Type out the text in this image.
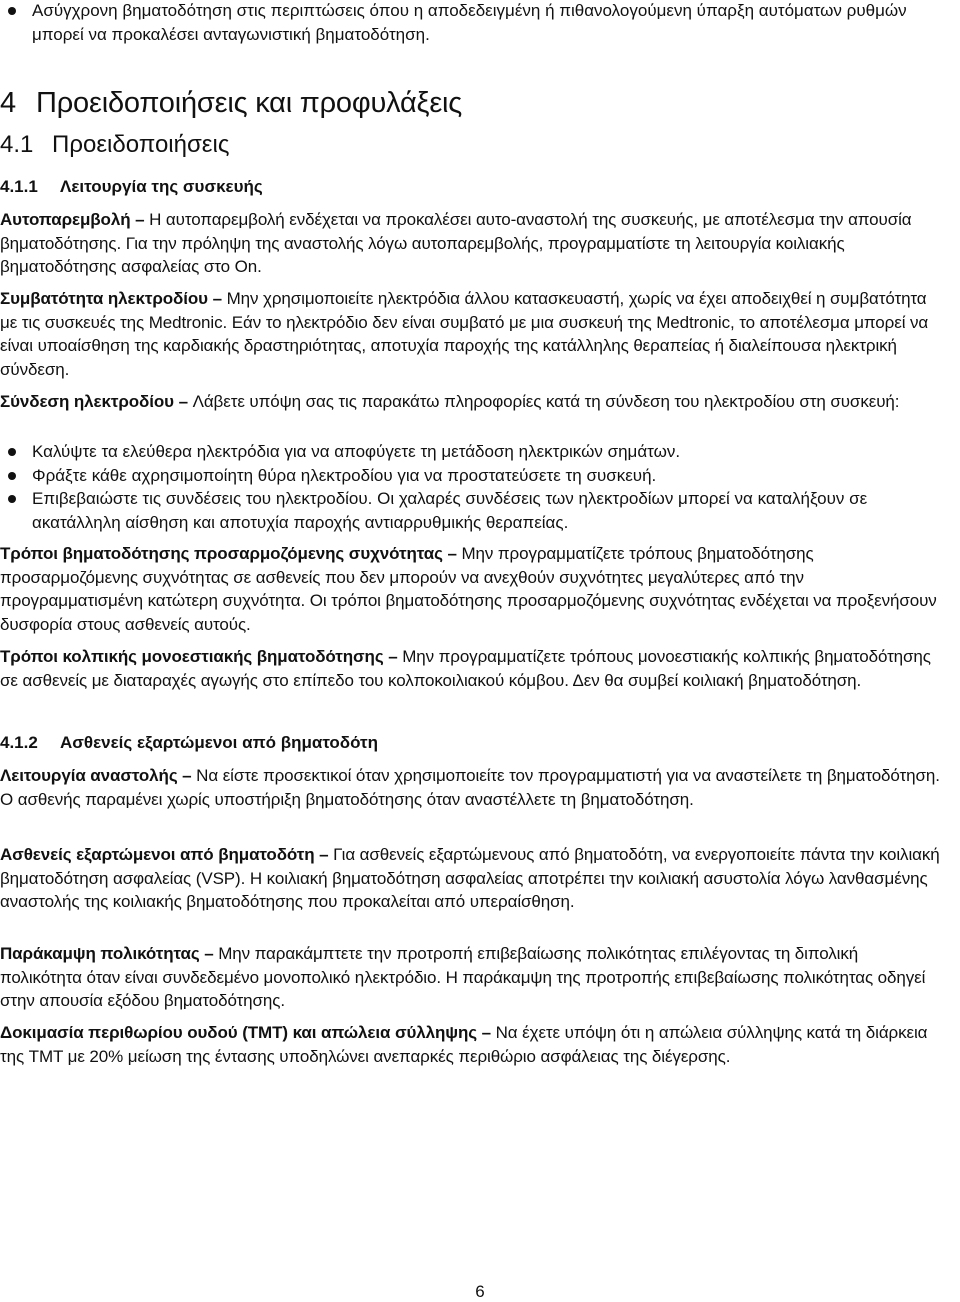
Ασύγχρονη βηματοδότηση στις περιπτώσεις όπου η αποδεδειγμένη ή πιθανολογούμενη ύπαρξη αυτόματων ρυθμών μπορεί να προκαλέσει ανταγωνιστική βηματοδότηση.
4 Προειδοποιήσεις και προφυλάξεις
4.1 Προειδοποιήσεις
4.1.1 Λειτουργία της συσκευής
Αυτοπαρεμβολή – Η αυτοπαρεμβολή ενδέχεται να προκαλέσει αυτο-αναστολή της συσκευής, με αποτέλεσμα την απουσία βηματοδότησης. Για την πρόληψη της αναστολής λόγω αυτοπαρεμβολής, προγραμματίστε τη λειτουργία κοιλιακής βηματοδότησης ασφαλείας στο On.
Συμβατότητα ηλεκτροδίου – Μην χρησιμοποιείτε ηλεκτρόδια άλλου κατασκευαστή, χωρίς να έχει αποδειχθεί η συμβατότητα με τις συσκευές της Medtronic. Εάν το ηλεκτρόδιο δεν είναι συμβατό με μια συσκευή της Medtronic, το αποτέλεσμα μπορεί να είναι υποαίσθηση της καρδιακής δραστηριότητας, αποτυχία παροχής της κατάλληλης θεραπείας ή διαλείπουσα ηλεκτρική σύνδεση.
Σύνδεση ηλεκτροδίου – Λάβετε υπόψη σας τις παρακάτω πληροφορίες κατά τη σύνδεση του ηλεκτροδίου στη συσκευή:
Καλύψτε τα ελεύθερα ηλεκτρόδια για να αποφύγετε τη μετάδοση ηλεκτρικών σημάτων.
Φράξτε κάθε αχρησιμοποίητη θύρα ηλεκτροδίου για να προστατεύσετε τη συσκευή.
Επιβεβαιώστε τις συνδέσεις του ηλεκτροδίου. Οι χαλαρές συνδέσεις των ηλεκτροδίων μπορεί να καταλήξουν σε ακατάλληλη αίσθηση και αποτυχία παροχής αντιαρρυθμικής θεραπείας.
Τρόποι βηματοδότησης προσαρμοζόμενης συχνότητας – Μην προγραμματίζετε τρόπους βηματοδότησης προσαρμοζόμενης συχνότητας σε ασθενείς που δεν μπορούν να ανεχθούν συχνότητες μεγαλύτερες από την προγραμματισμένη κατώτερη συχνότητα. Οι τρόποι βηματοδότησης προσαρμοζόμενης συχνότητας ενδέχεται να προξενήσουν δυσφορία στους ασθενείς αυτούς.
Τρόποι κολπικής μονοεστιακής βηματοδότησης – Μην προγραμματίζετε τρόπους μονοεστιακής κολπικής βηματοδότησης σε ασθενείς με διαταραχές αγωγής στο επίπεδο του κολποκοιλιακού κόμβου. Δεν θα συμβεί κοιλιακή βηματοδότηση.
4.1.2 Ασθενείς εξαρτώμενοι από βηματοδότη
Λειτουργία αναστολής – Να είστε προσεκτικοί όταν χρησιμοποιείτε τον προγραμματιστή για να αναστείλετε τη βηματοδότηση. Ο ασθενής παραμένει χωρίς υποστήριξη βηματοδότησης όταν αναστέλλετε τη βηματοδότηση.
Ασθενείς εξαρτώμενοι από βηματοδότη – Για ασθενείς εξαρτώμενους από βηματοδότη, να ενεργοποιείτε πάντα την κοιλιακή βηματοδότηση ασφαλείας (VSP). Η κοιλιακή βηματοδότηση ασφαλείας αποτρέπει την κοιλιακή ασυστολία λόγω λανθασμένης αναστολής της κοιλιακής βηματοδότησης που προκαλείται από υπεραίσθηση.
Παράκαμψη πολικότητας – Μην παρακάμπτετε την προτροπή επιβεβαίωσης πολικότητας επιλέγοντας τη διπολική πολικότητα όταν είναι συνδεδεμένο μονοπολικό ηλεκτρόδιο. Η παράκαμψη της προτροπής επιβεβαίωσης πολικότητας οδηγεί στην απουσία εξόδου βηματοδότησης.
Δοκιμασία περιθωρίου ουδού (TMT) και απώλεια σύλληψης – Να έχετε υπόψη ότι η απώλεια σύλληψης κατά τη διάρκεια της TMT με 20% μείωση της έντασης υποδηλώνει ανεπαρκές περιθώριο ασφάλειας της διέγερσης.
6
